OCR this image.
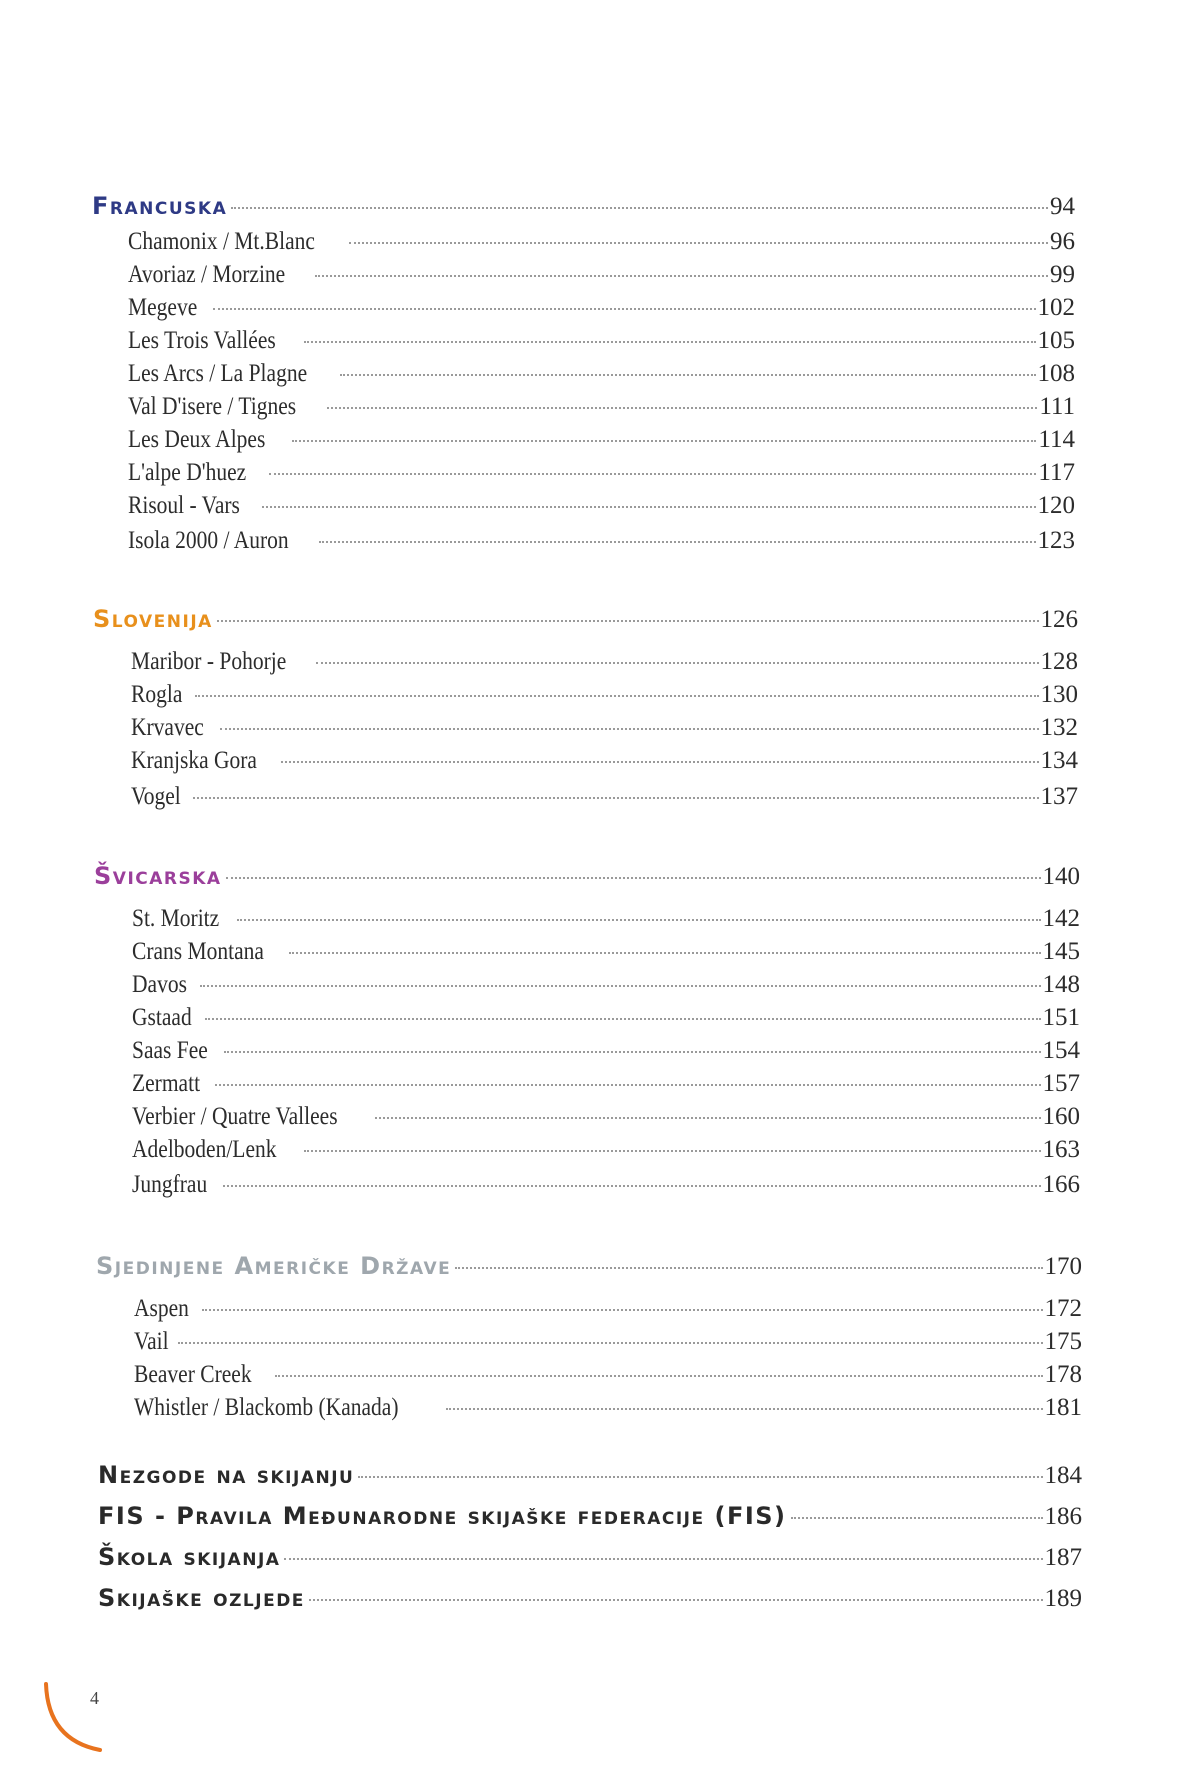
Francuska	94
Chamonix / Mt.Blanc	96
Avoriaz / Morzine	99
Megeve	102
Les Trois Vallées	105
Les Arcs / La Plagne	108
Val D'isere / Tignes	111
Les Deux Alpes	114
L'alpe D'huez	117
Risoul - Vars	120
Isola 2000 / Auron	123
Slovenija	126
Maribor - Pohorje	128
Rogla	130
Krvavec	132
Kranjska Gora	134
Vogel	137
Švicarska	140
St. Moritz	142
Crans Montana	145
Davos	148
Gstaad	151
Saas Fee	154
Zermatt	157
Verbier / Quatre Vallees	160
Adelboden/Lenk	163
Jungfrau	166
Sjedinjene Američke Države	170
Aspen	172
Vail	175
Beaver Creek	178
Whistler / Blackomb (Kanada)	181
Nezgode na skijanju	184
FIS - Pravila Međunarodne skijaške federacije (FIS)	186
Škola skijanja	187
Skijaške ozljede	189
4
